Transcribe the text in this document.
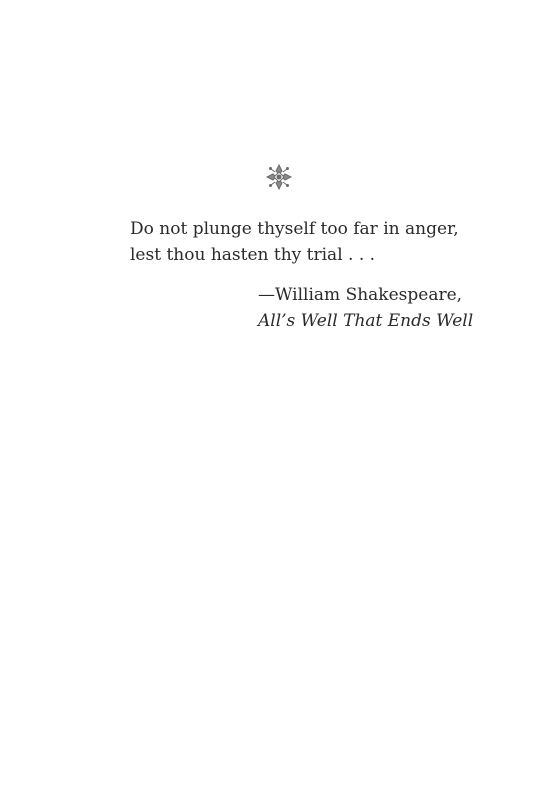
Do not plunge thyself too far in anger,
lest thou hasten thy trial . . .

—William Shakespeare,
All’s Well That Ends Well
